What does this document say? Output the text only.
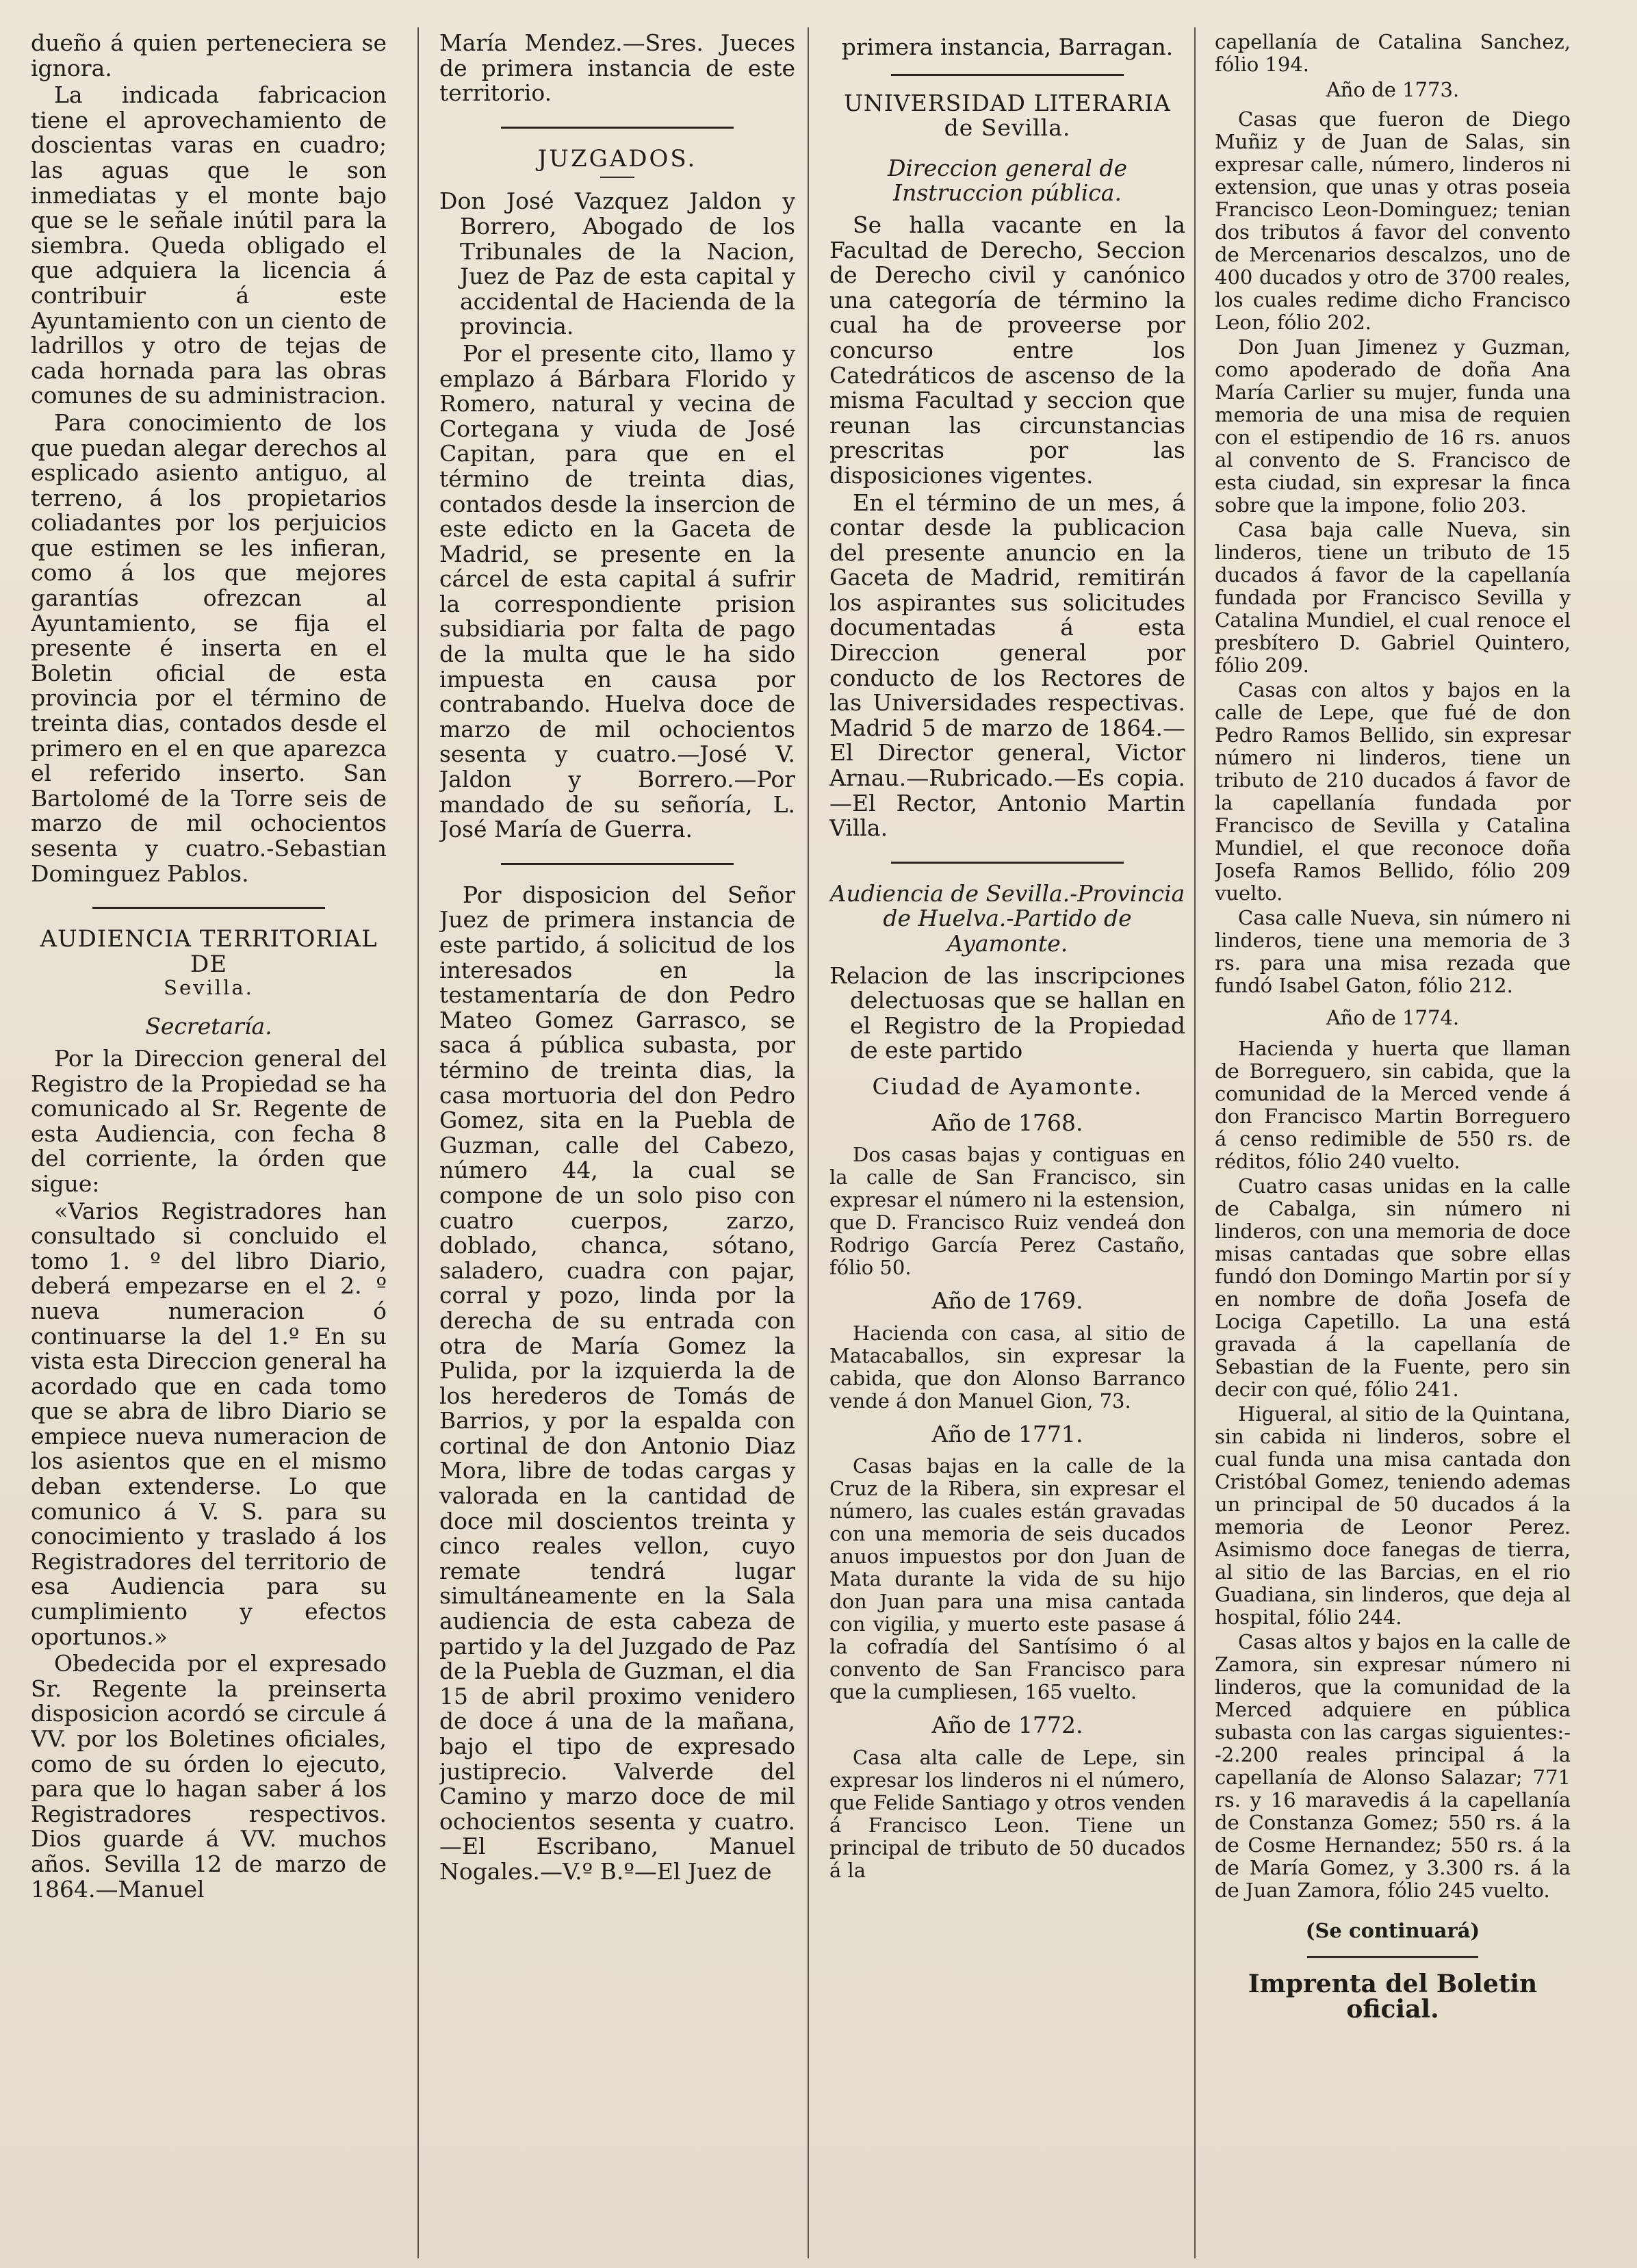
dueño á quien perteneciera se ignora.

La indicada fabricacion tiene el aprovechamiento de doscientas varas en cuadro; las aguas que le son inmediatas y el monte bajo que se le señale inútil para la siembra. Queda obligado el que adquiera la licencia á contribuir á este Ayuntamiento con un ciento de ladrillos y otro de tejas de cada hornada para las obras comunes de su administracion.

Para conocimiento de los que puedan alegar derechos al esplicado asiento antiguo, al terreno, á los propietarios coliadantes por los perjuicios que estimen se les infieran, como á los que mejores garantías ofrezcan al Ayuntamiento, se fija el presente é inserta en el Boletin oficial de esta provincia por el término de treinta dias, contados desde el primero en el en que aparezca el referido inserto. San Bartolomé de la Torre seis de marzo de mil ochocientos sesenta y cuatro.-Sebastian Dominguez Pablos.

AUDIENCIA TERRITORIAL DE
Sevilla.
Secretaría.

Por la Direccion general del Registro de la Propiedad se ha comunicado al Sr. Regente de esta Audiencia, con fecha 8 del corriente, la órden que sigue:

«Varios Registradores han consultado si concluido el tomo 1. º del libro Diario, deberá empezarse en el 2. º nueva numeracion ó continuarse la del 1.º En su vista esta Direccion general ha acordado que en cada tomo que se abra de libro Diario se empiece nueva numeracion de los asientos que en el mismo deban extenderse. Lo que comunico á V. S. para su conocimiento y traslado á los Registradores del territorio de esa Audiencia para su cumplimiento y efectos oportunos.»

Obedecida por el expresado Sr. Regente la preinserta disposicion acordó se circule á VV. por los Boletines oficiales, como de su órden lo ejecuto, para que lo hagan saber á los Registradores respectivos. Dios guarde á VV. muchos años. Sevilla 12 de marzo de 1864.—Manuel

María Mendez.—Sres. Jueces de primera instancia de este territorio.

JUZGADOS.

Don José Vazquez Jaldon y Borrero, Abogado de los Tribunales de la Nacion, Juez de Paz de esta capital y accidental de Hacienda de la provincia.

Por el presente cito, llamo y emplazo á Bárbara Florido y Romero, natural y vecina de Cortegana y viuda de José Capitan, para que en el término de treinta dias, contados desde la insercion de este edicto en la Gaceta de Madrid, se presente en la cárcel de esta capital á sufrir la correspondiente prision subsidiaria por falta de pago de la multa que le ha sido impuesta en causa por contrabando. Huelva doce de marzo de mil ochocientos sesenta y cuatro.—José V. Jaldon y Borrero.—Por mandado de su señoría, L. José María de Guerra.

Por disposicion del Señor Juez de primera instancia de este partido, á solicitud de los interesados en la testamentaría de don Pedro Mateo Gomez Garrasco, se saca á pública subasta, por término de treinta dias, la casa mortuoria del don Pedro Gomez, sita en la Puebla de Guzman, calle del Cabezo, número 44, la cual se compone de un solo piso con cuatro cuerpos, zarzo, doblado, chanca, sótano, saladero, cuadra con pajar, corral y pozo, linda por la derecha de su entrada con otra de María Gomez la Pulida, por la izquierda la de los herederos de Tomás de Barrios, y por la espalda con cortinal de don Antonio Diaz Mora, libre de todas cargas y valorada en la cantidad de doce mil doscientos treinta y cinco reales vellon, cuyo remate tendrá lugar simultáneamente en la Sala audiencia de esta cabeza de partido y la del Juzgado de Paz de la Puebla de Guzman, el dia 15 de abril proximo venidero de doce á una de la mañana, bajo el tipo de expresado justiprecio. Valverde del Camino y marzo doce de mil ochocientos sesenta y cuatro.—El Escribano, Manuel Nogales.—V.º B.º—El Juez de

primera instancia, Barragan.

UNIVERSIDAD LITERARIA
de Sevilla.
Direccion general de Instruccion pública.

Se halla vacante en la Facultad de Derecho, Seccion de Derecho civil y canónico una categoría de término la cual ha de proveerse por concurso entre los Catedráticos de ascenso de la misma Facultad y seccion que reunan las circunstancias prescritas por las disposiciones vigentes.

En el término de un mes, á contar desde la publicacion del presente anuncio en la Gaceta de Madrid, remitirán los aspirantes sus solicitudes documentadas á esta Direccion general por conducto de los Rectores de las Universidades respectivas. Madrid 5 de marzo de 1864.—El Director general, Victor Arnau.—Rubricado.—Es copia.—El Rector, Antonio Martin Villa.

Audiencia de Sevilla.-Provincia de Huelva.-Partido de Ayamonte.

Relacion de las inscripciones delectuosas que se hallan en el Registro de la Propiedad de este partido

Ciudad de Ayamonte.
Año de 1768.

Dos casas bajas y contiguas en la calle de San Francisco, sin expresar el número ni la estension, que D. Francisco Ruiz vendeá don Rodrigo García Perez Castaño, fólio 50.

Año de 1769.

Hacienda con casa, al sitio de Matacaballos, sin expresar la cabida, que don Alonso Barranco vende á don Manuel Gion, 73.

Año de 1771.

Casas bajas en la calle de la Cruz de la Ribera, sin expresar el número, las cuales están gravadas con una memoria de seis ducados anuos impuestos por don Juan de Mata durante la vida de su hijo don Juan para una misa cantada con vigilia, y muerto este pasase á la cofradía del Santísimo ó al convento de San Francisco para que la cumpliesen, 165 vuelto.

Año de 1772.

Casa alta calle de Lepe, sin expresar los linderos ni el número, que Felide Santiago y otros venden á Francisco Leon. Tiene un principal de tributo de 50 ducados á la

capellanía de Catalina Sanchez, fólio 194.

Año de 1773.

Casas que fueron de Diego Muñiz y de Juan de Salas, sin expresar calle, número, linderos ni extension, que unas y otras poseia Francisco Leon-Dominguez; tenian dos tributos á favor del convento de Mercenarios descalzos, uno de 400 ducados y otro de 3700 reales, los cuales redime dicho Francisco Leon, fólio 202.

Don Juan Jimenez y Guzman, como apoderado de doña Ana María Carlier su mujer, funda una memoria de una misa de requien con el estipendio de 16 rs. anuos al convento de S. Francisco de esta ciudad, sin expresar la finca sobre que la impone, folio 203.

Casa baja calle Nueva, sin linderos, tiene un tributo de 15 ducados á favor de la capellanía fundada por Francisco Sevilla y Catalina Mundiel, el cual renoce el presbítero D. Gabriel Quintero, fólio 209.

Casas con altos y bajos en la calle de Lepe, que fué de don Pedro Ramos Bellido, sin expresar número ni linderos, tiene un tributo de 210 ducados á favor de la capellanía fundada por Francisco de Sevilla y Catalina Mundiel, el que reconoce doña Josefa Ramos Bellido, fólio 209 vuelto.

Casa calle Nueva, sin número ni linderos, tiene una memoria de 3 rs. para una misa rezada que fundó Isabel Gaton, fólio 212.

Año de 1774.

Hacienda y huerta que llaman de Borreguero, sin cabida, que la comunidad de la Merced vende á don Francisco Martin Borreguero á censo redimible de 550 rs. de réditos, fólio 240 vuelto.

Cuatro casas unidas en la calle de Cabalga, sin número ni linderos, con una memoria de doce misas cantadas que sobre ellas fundó don Domingo Martin por sí y en nombre de doña Josefa de Lociga Capetillo. La una está gravada á la capellanía de Sebastian de la Fuente, pero sin decir con qué, fólio 241.

Higueral, al sitio de la Quintana, sin cabida ni linderos, sobre el cual funda una misa cantada don Cristóbal Gomez, teniendo ademas un principal de 50 ducados á la memoria de Leonor Perez. Asimismo doce fanegas de tierra, al sitio de las Barcias, en el rio Guadiana, sin linderos, que deja al hospital, fólio 244.

Casas altos y bajos en la calle de Zamora, sin expresar número ni linderos, que la comunidad de la Merced adquiere en pública subasta con las cargas siguientes:--2.200 reales principal á la capellanía de Alonso Salazar; 771 rs. y 16 maravedis á la capellanía de Constanza Gomez; 550 rs. á la de Cosme Hernandez; 550 rs. á la de María Gomez, y 3.300 rs. á la de Juan Zamora, fólio 245 vuelto.

(Se continuará)
Imprenta del Boletin oficial.
